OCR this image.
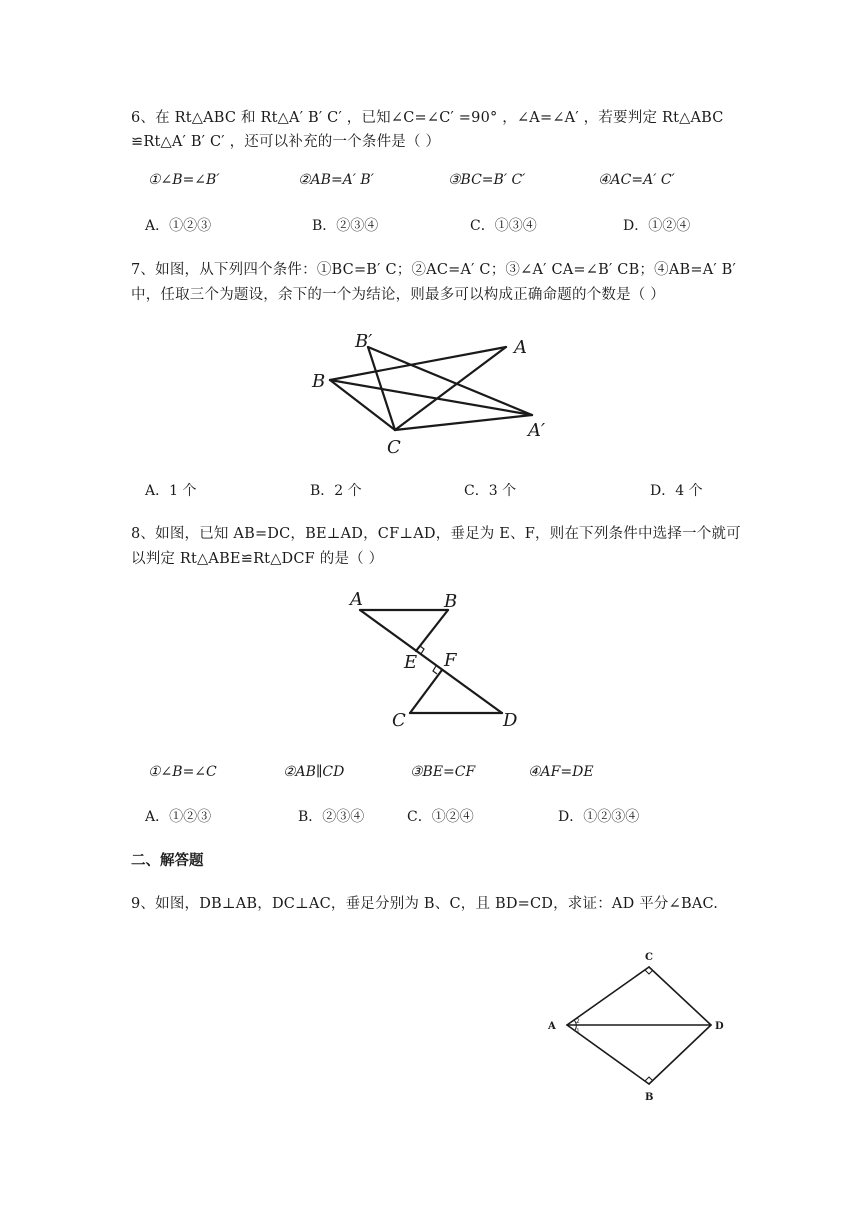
6、在 Rt△ABC 和 Rt△A′ B′ C′ ，已知∠C=∠C′ =90° ，∠A=∠A′ ，若要判定 Rt△ABC
≌Rt△A′ B′ C′ ，还可以补充的一个条件是（ ）
①∠B=∠B′	②AB=A′ B′	③BC=B′ C′	④AC=A′ C′
A．①②③	B．②③④	C．①③④	D．①②④
7、如图，从下列四个条件：①BC=B′ C；②AC=A′ C；③∠A′ CA=∠B′ CB；④AB=A′ B′
中，任取三个为题设，余下的一个为结论，则最多可以构成正确命题的个数是（ ）
B′	A
B
A′
C
A．1 个	B．2 个	C．3 个	D．4 个
8、如图，已知 AB=DC，BE⊥AD，CF⊥AD，垂足为 E、F，则在下列条件中选择一个就可
以判定 Rt△ABE≌Rt△DCF 的是（ ）
A	B
E F
C	D
①∠B=∠C	②AB∥CD	③BE=CF	④AF=DE
A．①②③	B．②③④	C．①②④	D．①②③④
二、解答题
9、如图，DB⊥AB，DC⊥AC，垂足分别为 B、C，且 BD=CD，求证：AD 平分∠BAC.
C
A	D
B
2
1
